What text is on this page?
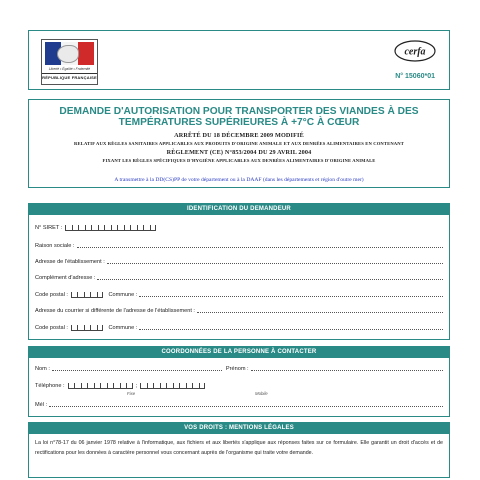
Liberté • Égalité • Fraternité
RÉPUBLIQUE FRANÇAISE
cerfa
N° 15060*01
DEMANDE D'AUTORISATION POUR TRANSPORTER DES VIANDES À DES TEMPÉRATURES SUPÉRIEURES À +7°C À CŒUR
ARRÊTÉ DU 18 DÉCEMBRE 2009 MODIFIÉ
RELATIF AUX RÈGLES SANITAIRES APPLICABLES AUX PRODUITS D'ORIGINE ANIMALE ET AUX DENRÉES ALIMENTAIRES EN CONTENANT
RÈGLEMENT (CE) N°853/2004 DU 29 AVRIL 2004
FIXANT LES RÈGLES SPÉCIFIQUES D'HYGIÈNE APPLICABLES AUX DENRÉES ALIMENTAIRES D'ORIGINE ANIMALE
A transmettre à la DD(CS)PP de votre département ou à la DAAF (dans les départements et région d'outre mer)
IDENTIFICATION DU DEMANDEUR
N° SIRET :
Raison sociale :
Adresse de l'établissement :
Complément d'adresse :
Code postal :	Commune :
Adresse du courrier si différente de l'adresse de l'établissement :
Code postal :	Commune :
COORDONNÉES DE LA PERSONNE À CONTACTER
Nom :	Prénom :
Téléphone :	;
Fixe	Mobile
Mél :
VOS DROITS : MENTIONS LÉGALES
La loi n°78-17 du 06 janvier 1978 relative à l'informatique, aux fichiers et aux libertés s'applique aux réponses faites sur ce formulaire. Elle garantit un droit d'accès et de rectifications pour les données à caractère personnel vous concernant auprès de l'organisme qui traite votre demande.
